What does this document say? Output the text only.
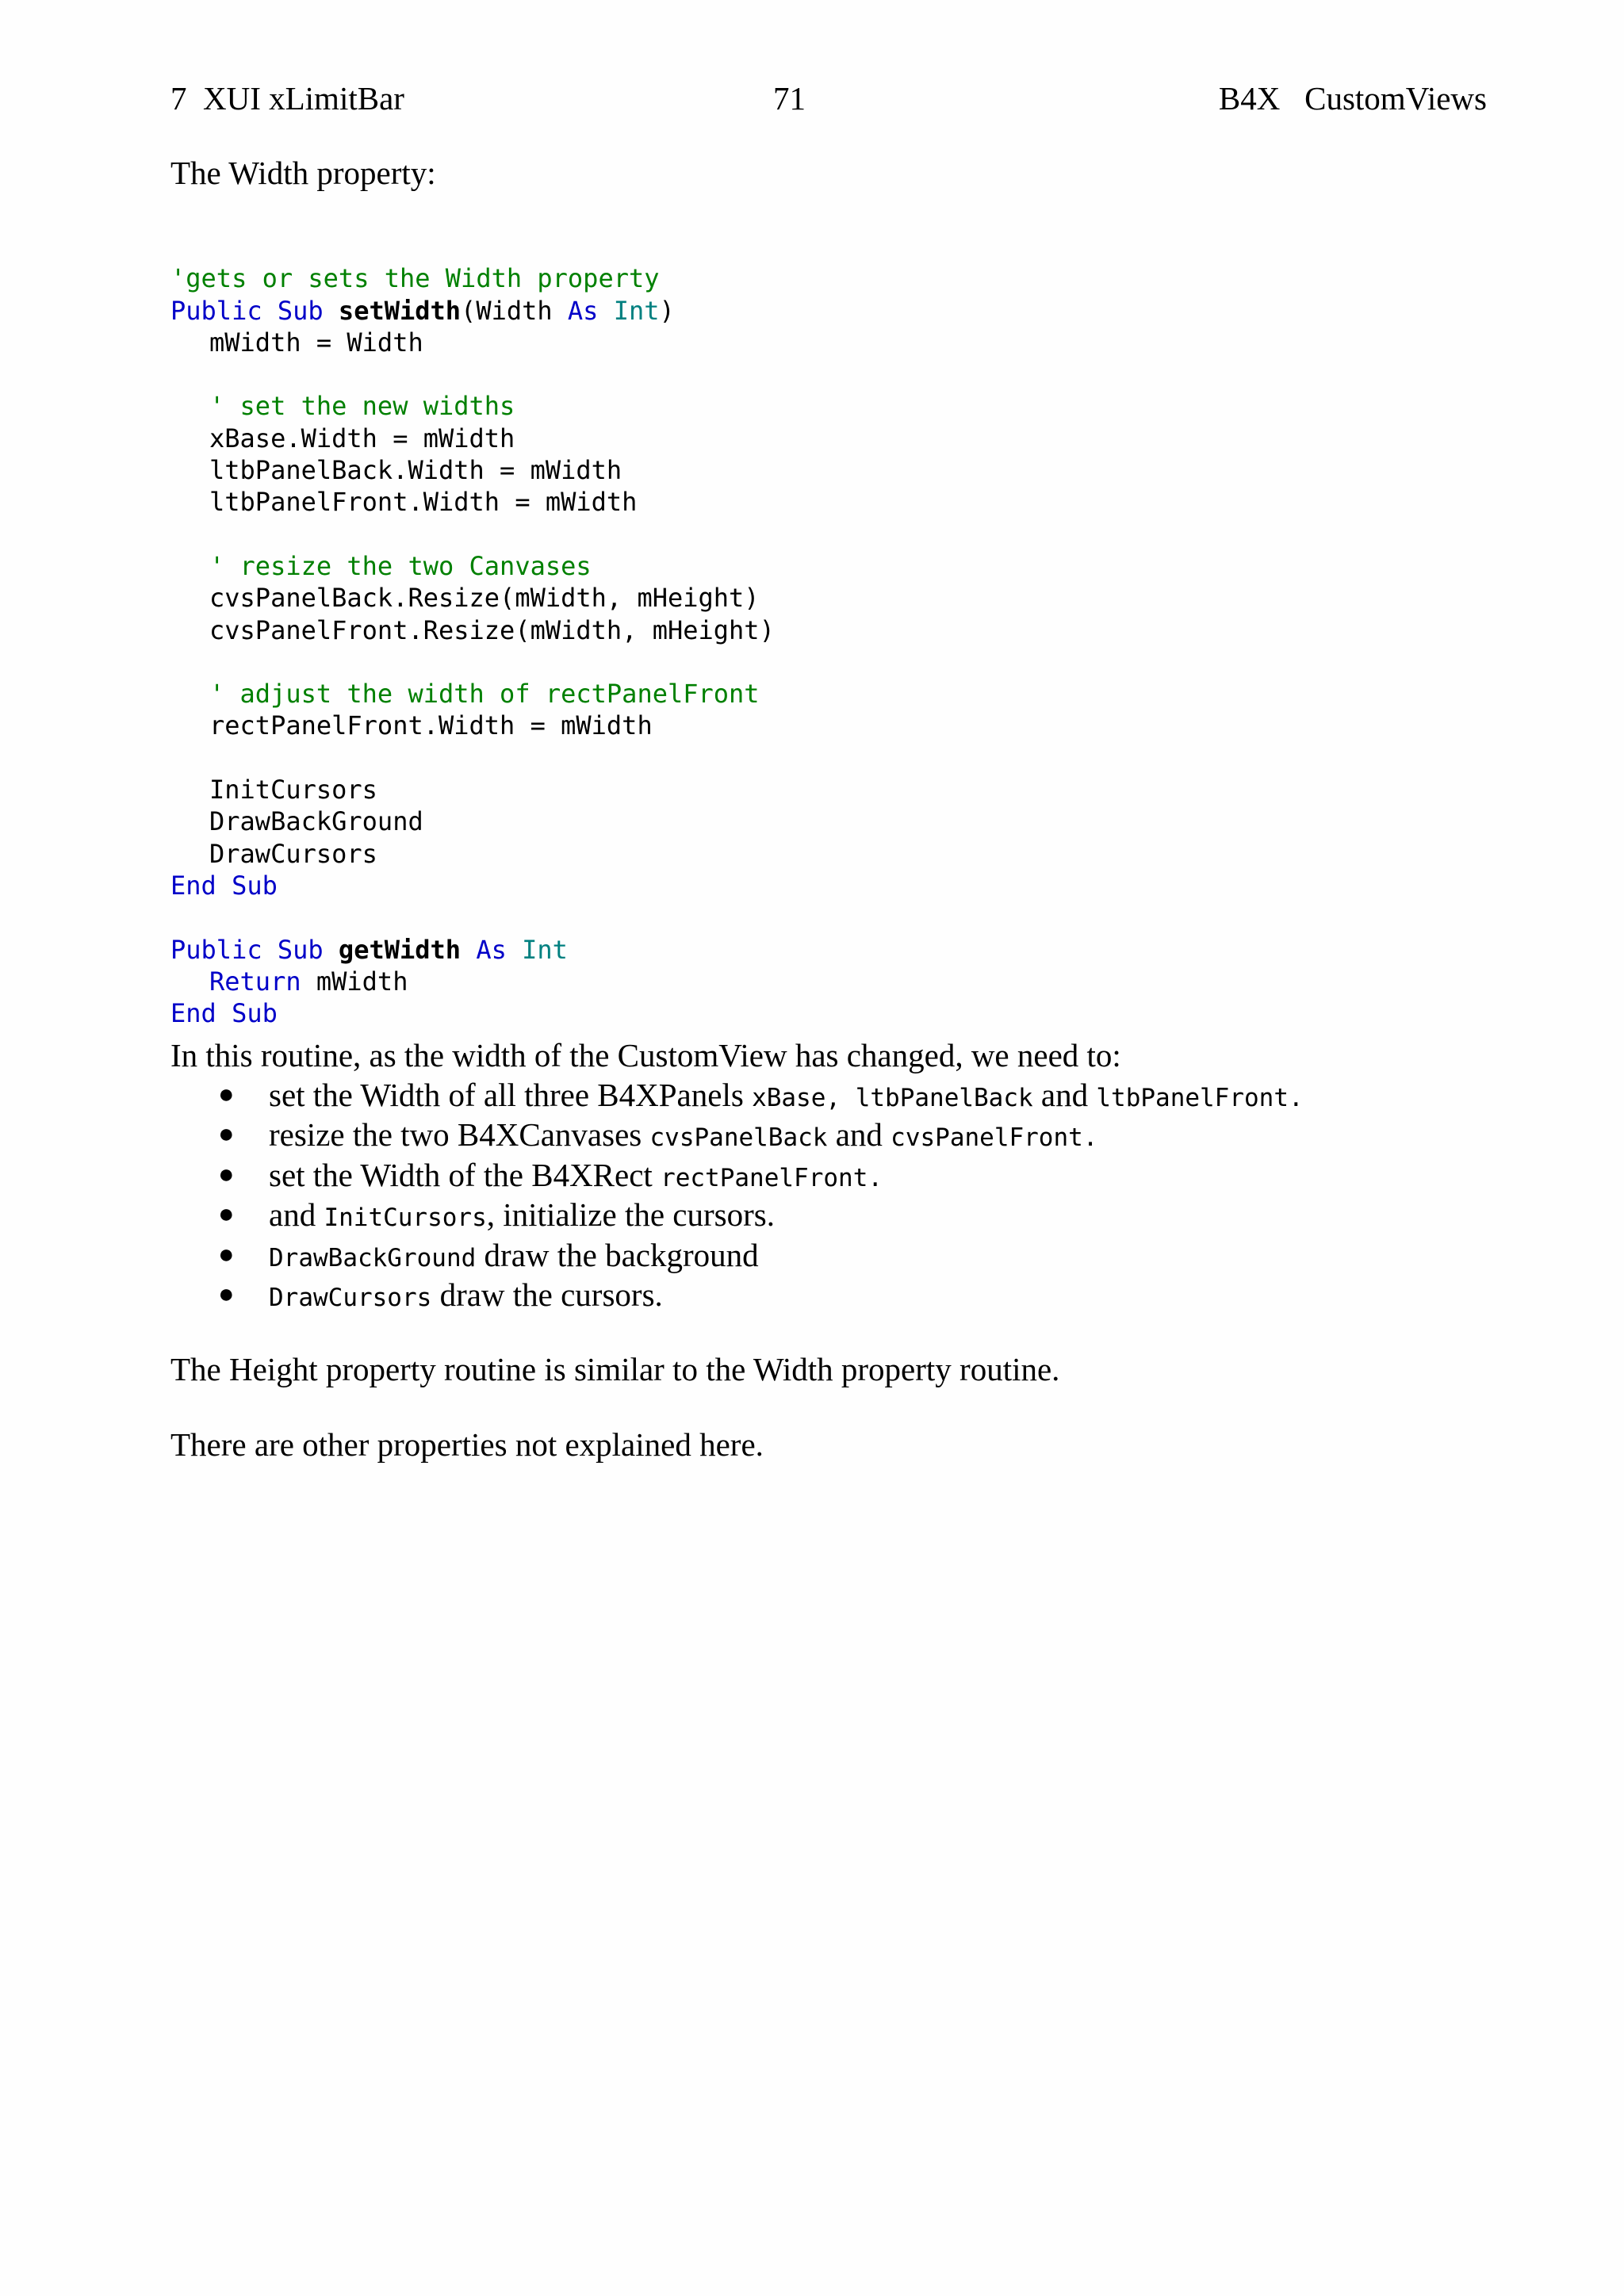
7  XUI xLimitBar	71	B4X   CustomViews

The Width property:

'gets or sets the Width property
Public Sub setWidth(Width As Int)
mWidth = Width
' set the new widths
xBase.Width = mWidth
ltbPanelBack.Width = mWidth
ltbPanelFront.Width = mWidth
' resize the two Canvases
cvsPanelBack.Resize(mWidth, mHeight)
cvsPanelFront.Resize(mWidth, mHeight)
' adjust the width of rectPanelFront
rectPanelFront.Width = mWidth
InitCursors
DrawBackGround
DrawCursors
End Sub
Public Sub getWidth As Int
Return mWidth
End Sub

In this routine, as the width of the CustomView has changed, we need to:

● set the Width of all three B4XPanels xBase, ltbPanelBack and ltbPanelFront.
● resize the two B4XCanvases cvsPanelBack and cvsPanelFront.
● set the Width of the B4XRect rectPanelFront.
● and InitCursors, initialize the cursors.
● DrawBackGround draw the background
● DrawCursors draw the cursors.

The Height property routine is similar to the Width property routine.

There are other properties not explained here.
